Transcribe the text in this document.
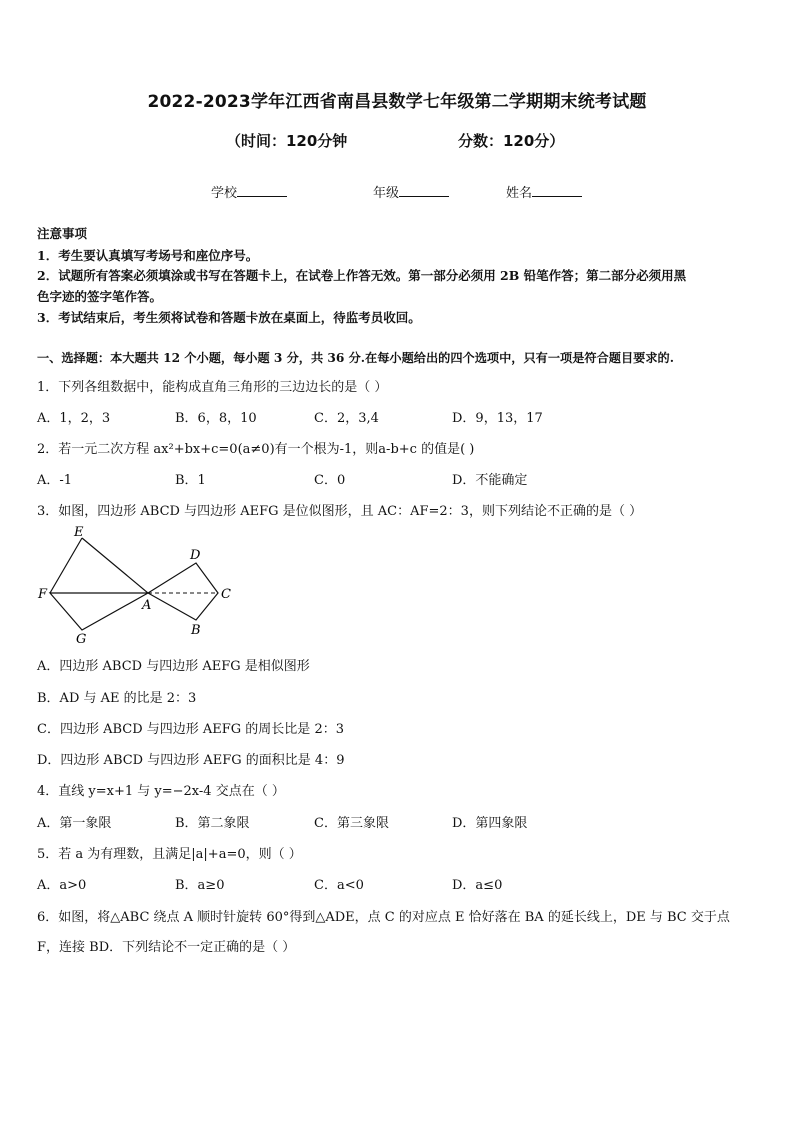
2022-2023学年江西省南昌县数学七年级第二学期期末统考试题
（时间：120分钟	分数：120分）
学校	年级	姓名
注意事项
1．考生要认真填写考场号和座位序号。
2．试题所有答案必须填涂或书写在答题卡上，在试卷上作答无效。第一部分必须用 2B 铅笔作答；第二部分必须用黑
色字迹的签字笔作答。
3．考试结束后，考生须将试卷和答题卡放在桌面上，待监考员收回。
一、选择题：本大题共 12 个小题，每小题 3 分，共 36 分.在每小题给出的四个选项中，只有一项是符合题目要求的.
1．下列各组数据中，能构成直角三角形的三边边长的是（ ）
A．1，2，3	B．6，8，10	C．2，3,4	D．9，13，17
2．若一元二次方程 ax²+bx+c=0(a≠0)有一个根为-1，则a-b+c 的值是( )
A．-1	B．1	C．0	D．不能确定
3．如图，四边形 ABCD 与四边形 AEFG 是位似图形，且 AC：AF=2：3，则下列结论不正确的是（ ）
E
D
F
A
C
G
B
A．四边形 ABCD 与四边形 AEFG 是相似图形
B．AD 与 AE 的比是 2：3
C．四边形 ABCD 与四边形 AEFG 的周长比是 2：3
D．四边形 ABCD 与四边形 AEFG 的面积比是 4：9
4．直线 y=x+1 与 y=−2x-4 交点在（ ）
A．第一象限	B．第二象限	C．第三象限	D．第四象限
5．若 a 为有理数，且满足|a|+a=0，则（ ）
A．a>0	B．a≥0	C．a<0	D．a≤0
6．如图，将△ABC 绕点 A 顺时针旋转 60°得到△ADE，点 C 的对应点 E 恰好落在 BA 的延长线上，DE 与 BC 交于点
F，连接 BD．下列结论不一定正确的是（ ）
